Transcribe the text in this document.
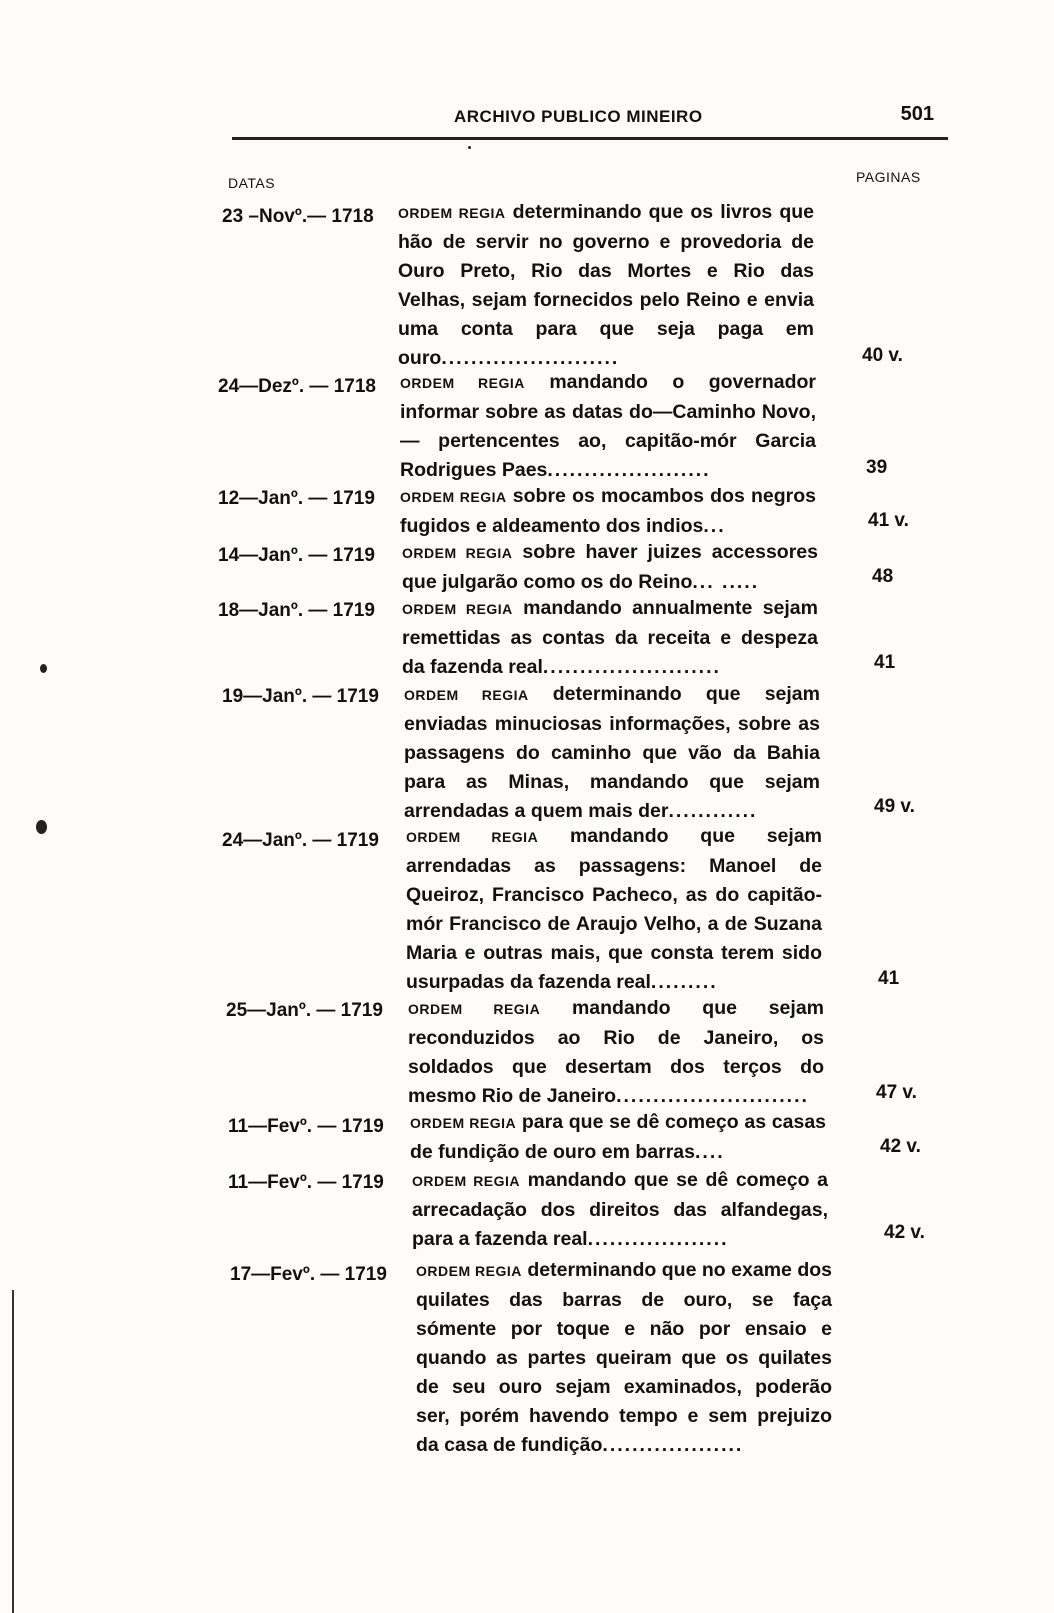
ARCHIVO PUBLICO MINEIRO	501
DATAS	PAGINAS
23 –Novº.— 1718 ORDEM REGIA determinando que os livros que hão de servir no governo e provedoria de Ouro Preto, Rio das Mortes e Rio das Velhas, sejam fornecidos pelo Reino e envia uma conta para que seja paga em ouro........................	40 v.
24—Dezº. — 1718 ORDEM REGIA mandando o governador informar sobre as datas do—Caminho Novo, — pertencentes ao, capitão-mór Garcia Rodrigues Paes......................	39
12—Janº. — 1719 ORDEM REGIA sobre os mocambos dos negros fugidos e aldeamento dos indios...	41 v.
14—Janº. — 1719 ORDEM REGIA sobre haver juizes accessores que julgarão como os do Reino... .....	48
18—Janº. — 1719 ORDEM REGIA mandando annualmente sejam remettidas as contas da receita e despeza da fazenda real........................	41
19—Janº. — 1719 ORDEM REGIA determinando que sejam enviadas minuciosas informações, sobre as passagens do caminho que vão da Bahia para as Minas, mandando que sejam arrendadas a quem mais der............	49 v.
24—Janº. — 1719 ORDEM REGIA mandando que sejam arrendadas as passagens: Manoel de Queiroz, Francisco Pacheco, as do capitão-mór Francisco de Araujo Velho, a de Suzana Maria e outras mais, que consta terem sido usurpadas da fazenda real.........	41
25—Janº. — 1719 ORDEM REGIA mandando que sejam reconduzidos ao Rio de Janeiro, os soldados que desertam dos terços do mesmo Rio de Janeiro..........................	47 v.
11—Fevº. — 1719 ORDEM REGIA para que se dê começo as casas de fundição de ouro em barras....	42 v.
11—Fevº. — 1719 ORDEM REGIA mandando que se dê começo a arrecadação dos direitos das alfandegas, para a fazenda real...................	42 v.
17—Fevº. — 1719 ORDEM REGIA determinando que no exame dos quilates das barras de ouro, se faça sómente por toque e não por ensaio e quando as partes queiram que os quilates de seu ouro sejam examinados, poderão ser, porém havendo tempo e sem prejuizo da casa de fundição...................
